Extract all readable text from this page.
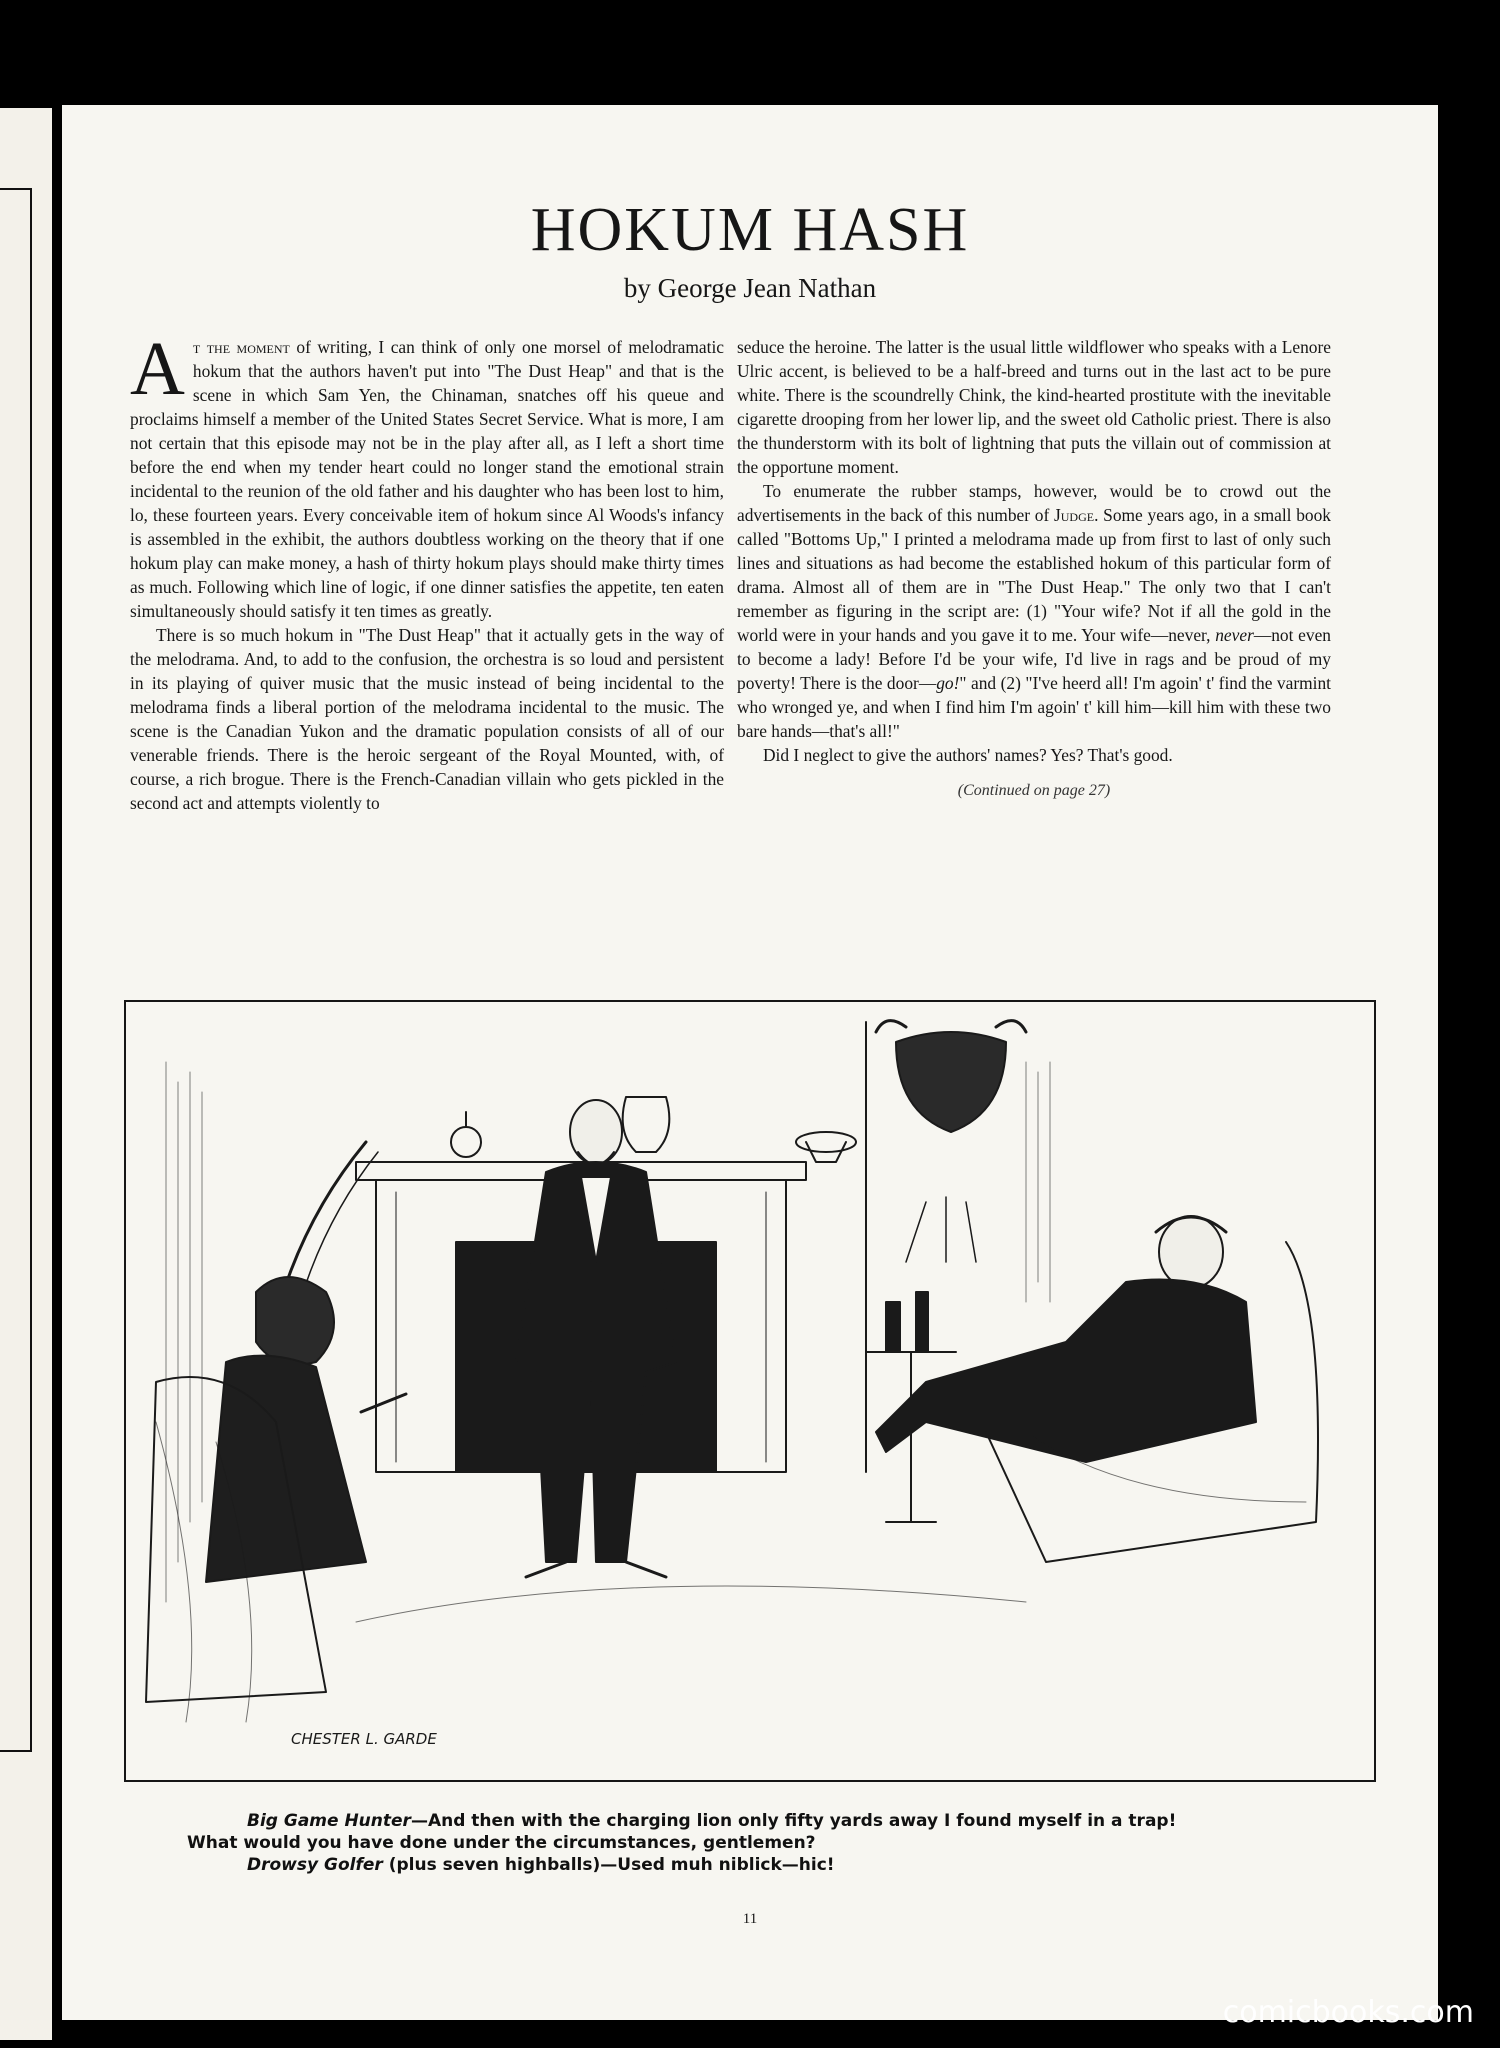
HOKUM HASH
by George Jean Nathan

At the moment of writing, I can think of only one morsel of melodramatic hokum that the authors haven't put into "The Dust Heap" and that is the scene in which Sam Yen, the Chinaman, snatches off his queue and proclaims himself a member of the United States Secret Service. What is more, I am not certain that this episode may not be in the play after all, as I left a short time before the end when my tender heart could no longer stand the emotional strain incidental to the reunion of the old father and his daughter who has been lost to him, lo, these fourteen years. Every conceivable item of hokum since Al Woods's infancy is assembled in the exhibit, the authors doubtless working on the theory that if one hokum play can make money, a hash of thirty hokum plays should make thirty times as much. Following which line of logic, if one dinner satisfies the appetite, ten eaten simultaneously should satisfy it ten times as greatly.

There is so much hokum in "The Dust Heap" that it actually gets in the way of the melodrama. And, to add to the confusion, the orchestra is so loud and persistent in its playing of quiver music that the music instead of being incidental to the melodrama finds a liberal portion of the melodrama incidental to the music. The scene is the Canadian Yukon and the dramatic population consists of all of our venerable friends. There is the heroic sergeant of the Royal Mounted, with, of course, a rich brogue. There is the French-Canadian villain who gets pickled in the second act and attempts violently to

seduce the heroine. The latter is the usual little wildflower who speaks with a Lenore Ulric accent, is believed to be a half-breed and turns out in the last act to be pure white. There is the scoundrelly Chink, the kind-hearted prostitute with the inevitable cigarette drooping from her lower lip, and the sweet old Catholic priest. There is also the thunderstorm with its bolt of lightning that puts the villain out of commission at the opportune moment.

To enumerate the rubber stamps, however, would be to crowd out the advertisements in the back of this number of Judge. Some years ago, in a small book called "Bottoms Up," I printed a melodrama made up from first to last of only such lines and situations as had become the established hokum of this particular form of drama. Almost all of them are in "The Dust Heap." The only two that I can't remember as figuring in the script are: (1) "Your wife? Not if all the gold in the world were in your hands and you gave it to me. Your wife—never, never—not even to become a lady! Before I'd be your wife, I'd live in rags and be proud of my poverty! There is the door—go!" and (2) "I've heerd all! I'm agoin' t' find the varmint who wronged ye, and when I find him I'm agoin' t' kill him—kill him with these two bare hands—that's all!"

Did I neglect to give the authors' names? Yes? That's good.

(Continued on page 27)
CHESTER L. GARDE
Big Game Hunter—And then with the charging lion only fifty yards away I found myself in a trap!
What would you have done under the circumstances, gentlemen?
Drowsy Golfer (plus seven highballs)—Used muh niblick—hic!
11
comicbooks.com
